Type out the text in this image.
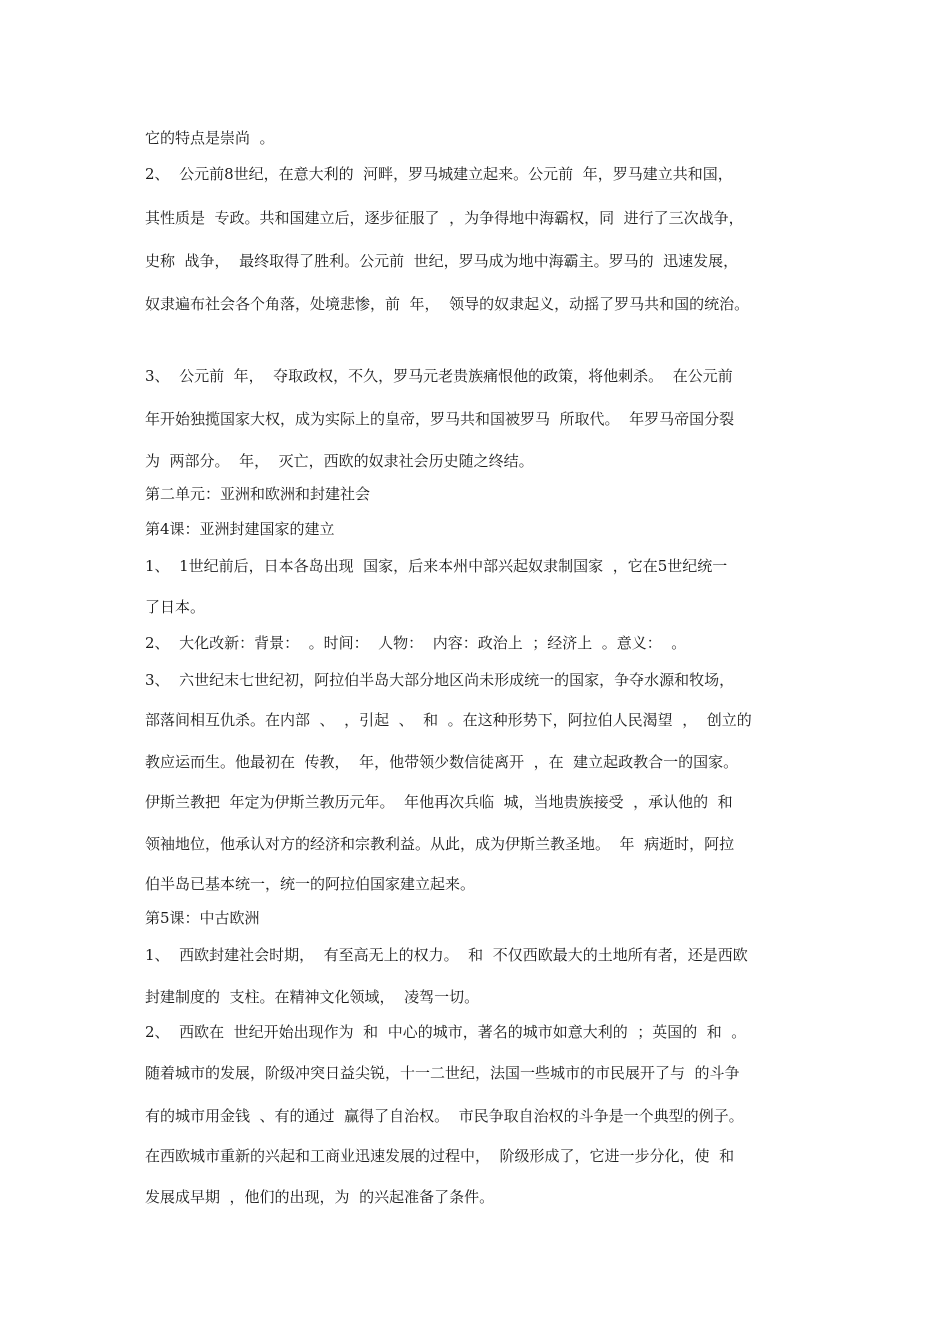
它的特点是崇尚  。
2、  公元前8世纪，在意大利的  河畔，罗马城建立起来。公元前  年，罗马建立共和国，
其性质是  专政。共和国建立后，逐步征服了  ，为争得地中海霸权，同  进行了三次战争，
史称  战争，  最终取得了胜利。公元前  世纪，罗马成为地中海霸主。罗马的  迅速发展，
奴隶遍布社会各个角落，处境悲惨，前  年，  领导的奴隶起义，动摇了罗马共和国的统治。
3、  公元前  年，  夺取政权，不久，罗马元老贵族痛恨他的政策，将他刺杀。  在公元前
年开始独揽国家大权，成为实际上的皇帝，罗马共和国被罗马  所取代。  年罗马帝国分裂
为  两部分。  年，  灭亡，西欧的奴隶社会历史随之终结。
第二单元：亚洲和欧洲和封建社会
第4课：亚洲封建国家的建立
1、  1世纪前后，日本各岛出现  国家，后来本州中部兴起奴隶制国家  ，它在5世纪统一
了日本。
2、  大化改新：背景：  。时间：  人物：  内容：政治上  ；经济上  。意义：  。
3、  六世纪末七世纪初，阿拉伯半岛大部分地区尚未形成统一的国家，争夺水源和牧场，
部落间相互仇杀。在内部  、  ，引起  、  和  。在这种形势下，阿拉伯人民渴望  ，  创立的
教应运而生。他最初在  传教，  年，他带领少数信徒离开  ，在  建立起政教合一的国家。
伊斯兰教把  年定为伊斯兰教历元年。  年他再次兵临  城，当地贵族接受  ，承认他的  和
领袖地位，他承认对方的经济和宗教利益。从此，成为伊斯兰教圣地。  年  病逝时，阿拉
伯半岛已基本统一，统一的阿拉伯国家建立起来。
第5课：中古欧洲
1、  西欧封建社会时期，  有至高无上的权力。  和  不仅西欧最大的土地所有者，还是西欧
封建制度的  支柱。在精神文化领域，  凌驾一切。
2、  西欧在  世纪开始出现作为  和  中心的城市，著名的城市如意大利的  ；英国的  和  。
随着城市的发展，阶级冲突日益尖锐，十一二世纪，法国一些城市的市民展开了与  的斗争
有的城市用金钱  、有的通过  赢得了自治权。  市民争取自治权的斗争是一个典型的例子。
在西欧城市重新的兴起和工商业迅速发展的过程中，  阶级形成了，它进一步分化，使  和
发展成早期  ，他们的出现，为  的兴起准备了条件。
